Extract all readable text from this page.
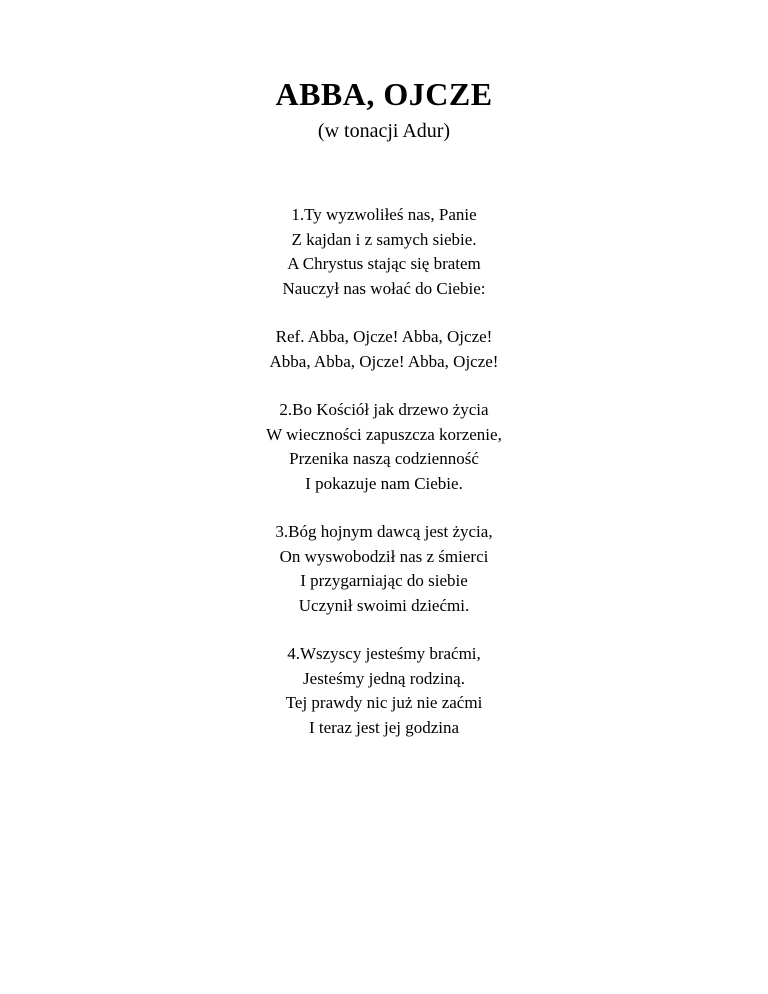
ABBA, OJCZE
(w tonacji Adur)
1.Ty wyzwoliłeś nas, Panie
Z kajdan i z samych siebie.
A Chrystus stając się bratem
Nauczył nas wołać do Ciebie:
Ref. Abba, Ojcze! Abba, Ojcze!
Abba, Abba, Ojcze! Abba, Ojcze!
2.Bo Kościół jak drzewo życia
W wieczności zapuszcza korzenie,
Przenika naszą codzienność
I pokazuje nam Ciebie.
3.Bóg hojnym dawcą jest życia,
On wyswobodził nas z śmierci
I przygarniając do siebie
Uczynił swoimi dziećmi.
4.Wszyscy jesteśmy braćmi,
Jesteśmy jedną rodziną.
Tej prawdy nic już nie zaćmi
I teraz jest jej godzina
